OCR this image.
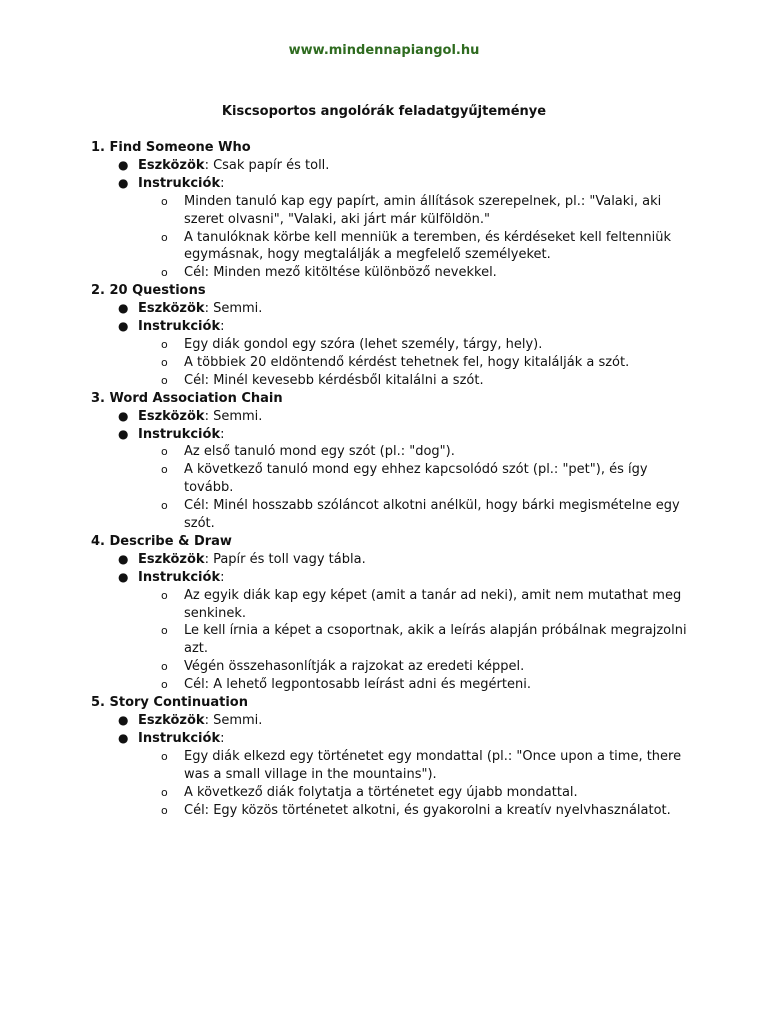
www.mindennapiangol.hu
Kiscsoportos angolórák feladatgyűjteménye
1. Find Someone Who
● Eszközök: Csak papír és toll.
● Instrukciók:
o Minden tanuló kap egy papírt, amin állítások szerepelnek, pl.: "Valaki, aki szeret olvasni", "Valaki, aki járt már külföldön."
o A tanulóknak körbe kell menniük a teremben, és kérdéseket kell feltenniük egymásnak, hogy megtalálják a megfelelő személyeket.
o Cél: Minden mező kitöltése különböző nevekkel.
2. 20 Questions
● Eszközök: Semmi.
● Instrukciók:
o Egy diák gondol egy szóra (lehet személy, tárgy, hely).
o A többiek 20 eldöntendő kérdést tehetnek fel, hogy kitalálják a szót.
o Cél: Minél kevesebb kérdésből kitalálni a szót.
3. Word Association Chain
● Eszközök: Semmi.
● Instrukciók:
o Az első tanuló mond egy szót (pl.: "dog").
o A következő tanuló mond egy ehhez kapcsolódó szót (pl.: "pet"), és így tovább.
o Cél: Minél hosszabb szóláncot alkotni anélkül, hogy bárki megismételne egy szót.
4. Describe & Draw
● Eszközök: Papír és toll vagy tábla.
● Instrukciók:
o Az egyik diák kap egy képet (amit a tanár ad neki), amit nem mutathat meg senkinek.
o Le kell írnia a képet a csoportnak, akik a leírás alapján próbálnak megrajzolni azt.
o Végén összehasonlítják a rajzokat az eredeti képpel.
o Cél: A lehető legpontosabb leírást adni és megérteni.
5. Story Continuation
● Eszközök: Semmi.
● Instrukciók:
o Egy diák elkezd egy történetet egy mondattal (pl.: "Once upon a time, there was a small village in the mountains").
o A következő diák folytatja a történetet egy újabb mondattal.
o Cél: Egy közös történetet alkotni, és gyakorolni a kreatív nyelvhasználatot.
